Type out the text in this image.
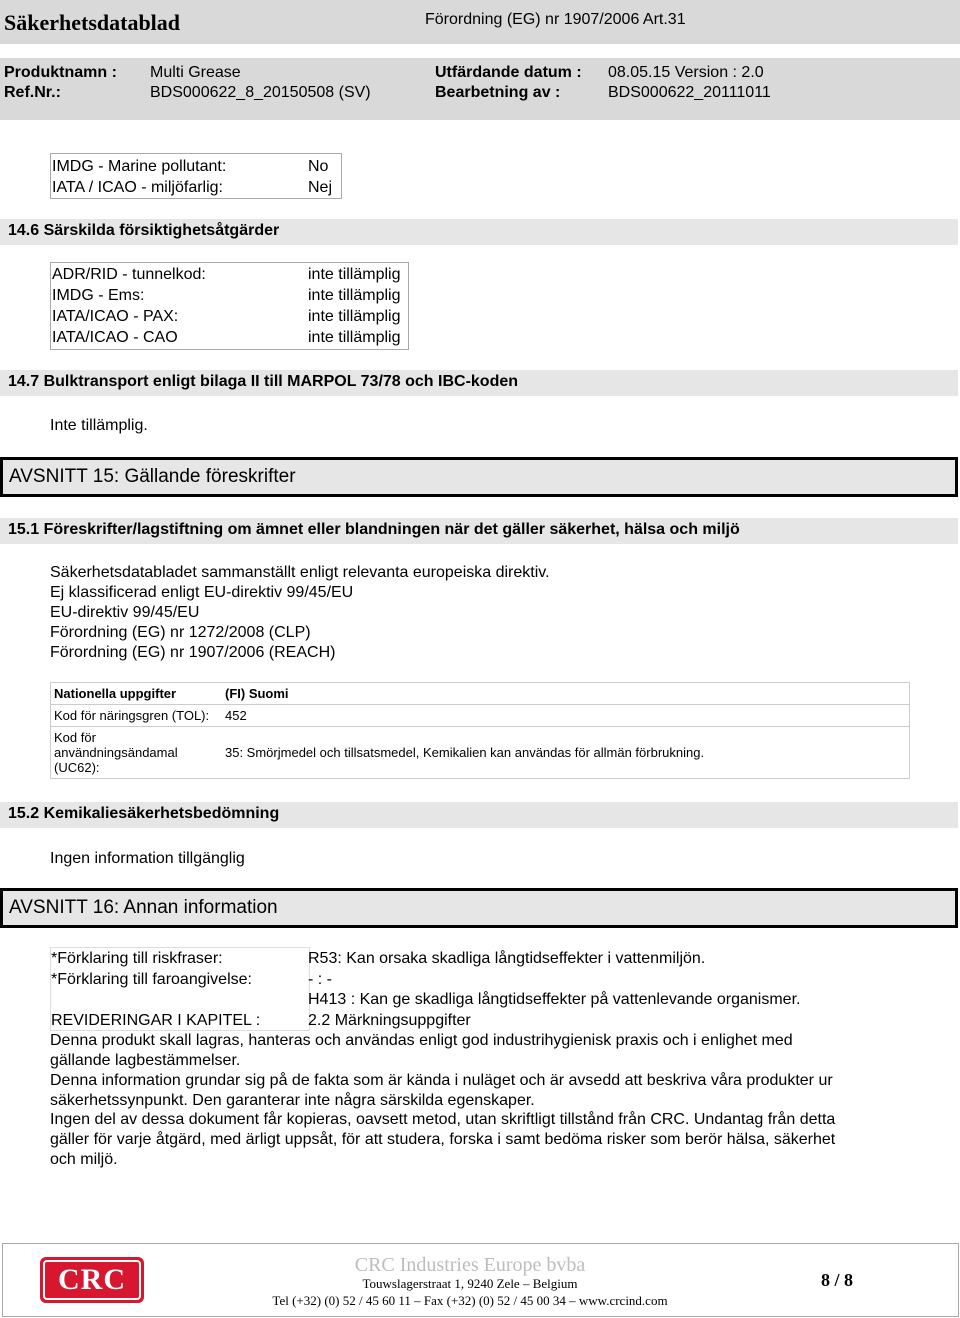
Säkerhetsdatablad	Förordning (EG) nr 1907/2006 Art.31
Produktnamn : Multi Grease	Utfärdande datum : 08.05.15 Version : 2.0
Ref.Nr.:	BDS000622_8_20150508 (SV)	Bearbetning av :	BDS000622_20111011
IMDG - Marine pollutant:	No
IATA / ICAO - miljöfarlig:	Nej
14.6 Särskilda försiktighetsåtgärder
ADR/RID - tunnelkod:	inte tillämplig
IMDG - Ems:	inte tillämplig
IATA/ICAO - PAX:	inte tillämplig
IATA/ICAO - CAO	inte tillämplig
14.7 Bulktransport enligt bilaga II till MARPOL 73/78 och IBC-koden
Inte tillämplig.
AVSNITT 15: Gällande föreskrifter
15.1 Föreskrifter/lagstiftning om ämnet eller blandningen när det gäller säkerhet, hälsa och miljö
Säkerhetsdatabladet sammanställt enligt relevanta europeiska direktiv.
Ej klassificerad enligt EU-direktiv 99/45/EU
EU-direktiv 99/45/EU
Förordning (EG) nr 1272/2008 (CLP)
Förordning (EG) nr 1907/2006 (REACH)
Nationella uppgifter	(FI) Suomi
Kod för näringsgren (TOL):	452
Kod för
användningsändamal
(UC62):	35: Smörjmedel och tillsatsmedel, Kemikalien kan användas för allmän förbrukning.
15.2 Kemikaliesäkerhetsbedömning
Ingen information tillgänglig
AVSNITT 16: Annan information
*Förklaring till riskfraser:	R53: Kan orsaka skadliga långtidseffekter i vattenmiljön.
*Förklaring till faroangivelse:	- : -
H413 : Kan ge skadliga långtidseffekter på vattenlevande organismer.
REVIDERINGAR I KAPITEL :	2.2 Märkningsuppgifter
Denna produkt skall lagras, hanteras och användas enligt god industrihygienisk praxis och i enlighet med
gällande lagbestämmelser.
Denna information grundar sig på de fakta som är kända i nuläget och är avsedd att beskriva våra produkter ur
säkerhetssynpunkt. Den garanterar inte några särskilda egenskaper.
Ingen del av dessa dokument får kopieras, oavsett metod, utan skriftligt tillstånd från CRC. Undantag från detta
gäller för varje åtgärd, med ärligt uppsåt, för att studera, forska i samt bedöma risker som berör hälsa, säkerhet
och miljö.
CRC	CRC Industries Europe bvba
Touwslagerstraat 1, 9240 Zele – Belgium
Tel (+32) (0) 52 / 45 60 11 – Fax (+32) (0) 52 / 45 00 34 – www.crcind.com
8 / 8
